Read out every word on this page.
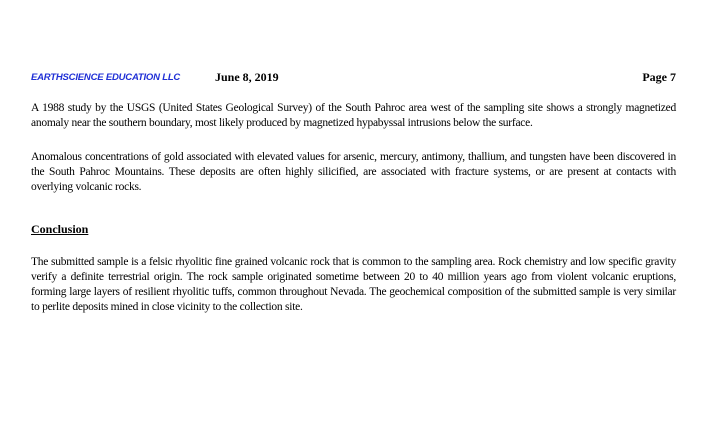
EARTHSCIENCE EDUCATION LLC	June 8, 2019	Page 7

A 1988 study by the USGS (United States Geological Survey) of the South Pahroc area west of the sampling site shows a strongly magnetized anomaly near the southern boundary, most likely produced by magnetized hypabyssal intrusions below the surface.

Anomalous concentrations of gold associated with elevated values for arsenic, mercury, antimony, thallium, and tungsten have been discovered in the South Pahroc Mountains. These deposits are often highly silicified, are associated with fracture systems, or are present at contacts with overlying volcanic rocks.

Conclusion

The submitted sample is a felsic rhyolitic fine grained volcanic rock that is common to the sampling area. Rock chemistry and low specific gravity verify a definite terrestrial origin. The rock sample originated sometime between 20 to 40 million years ago from violent volcanic eruptions, forming large layers of resilient rhyolitic tuffs, common throughout Nevada. The geochemical composition of the submitted sample is very similar to perlite deposits mined in close vicinity to the collection site.
